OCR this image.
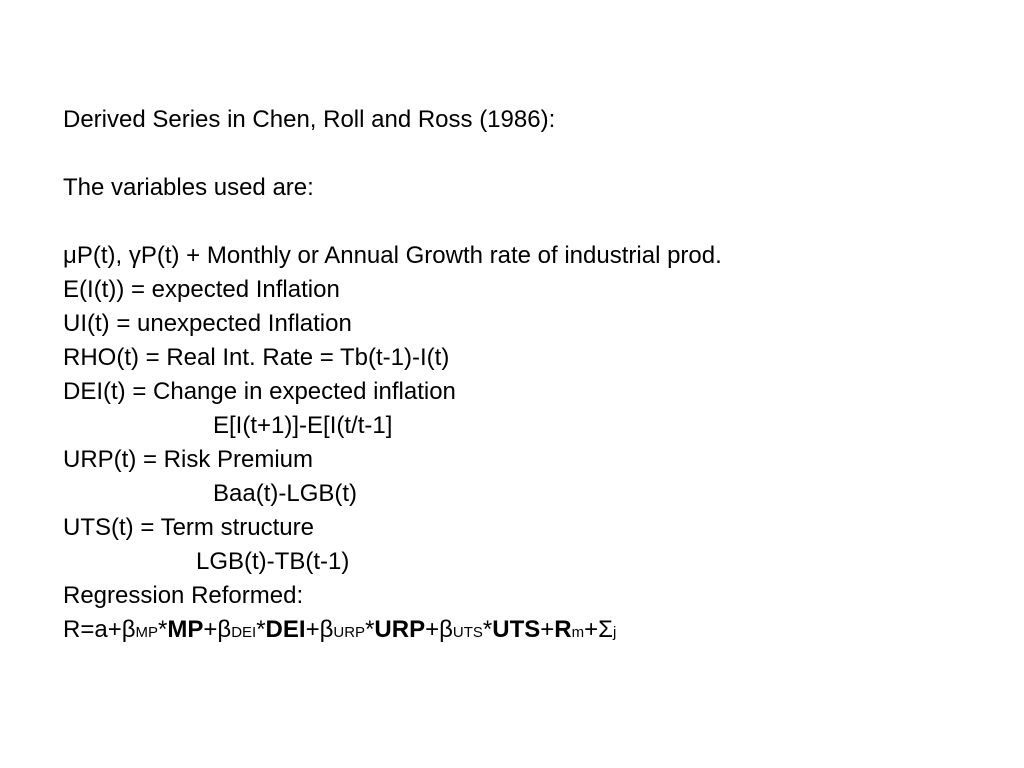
Derived Series in Chen, Roll and Ross (1986):
The variables used are:
μP(t), γP(t) + Monthly or Annual Growth rate of industrial prod.
E(I(t)) = expected Inflation
UI(t) = unexpected Inflation
RHO(t) = Real Int. Rate = Tb(t-1)-I(t)
DEI(t) = Change in expected inflation
E[I(t+1)]-E[I(t/t-1]
URP(t) = Risk Premium
Baa(t)-LGB(t)
UTS(t) = Term structure
LGB(t)-TB(t-1)
Regression Reformed:
R=a+βMP*MP+βDEI*DEI+βURP*URP+βUTS*UTS+Rm+Σj
